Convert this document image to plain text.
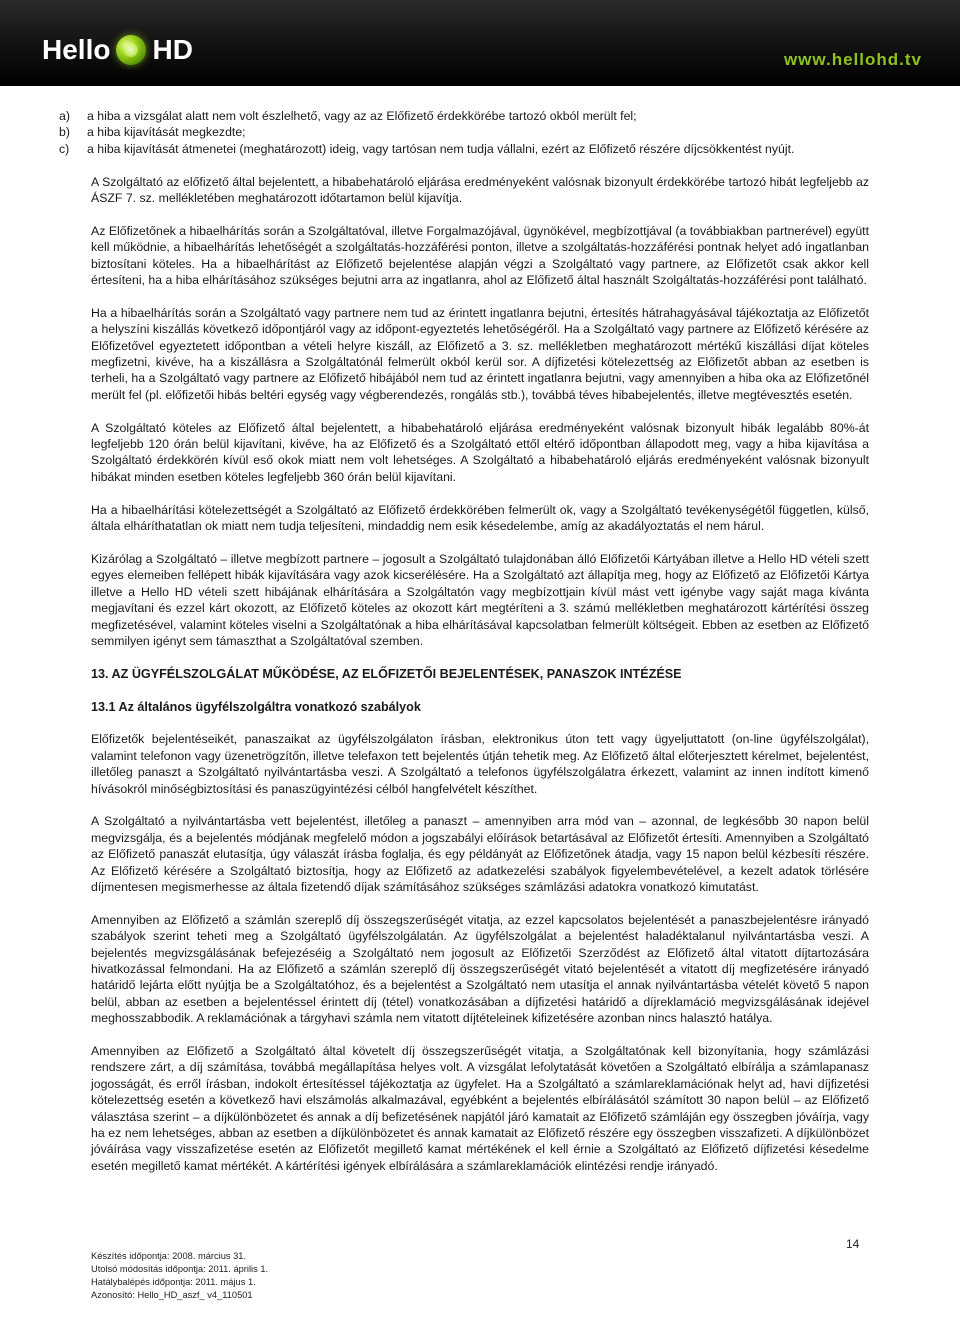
Hello HD	www.hellohd.tv
a)	a hiba a vizsgálat alatt nem volt észlelhető, vagy az az Előfizető érdekkörébe tartozó okból merült fel;
b)	a hiba kijavítását megkezdte;
c)	a hiba kijavítását átmenetei (meghatározott) ideig, vagy tartósan nem tudja vállalni, ezért az Előfizető részére díjcsökkentést nyújt.

A Szolgáltató az előfizető által bejelentett, a hibabehatároló eljárása eredményeként valósnak bizonyult érdekkörébe tartozó hibát legfeljebb az ÁSZF 7. sz. mellékletében meghatározott időtartamon belül kijavítja.

Az Előfizetőnek a hibaelhárítás során a Szolgáltatóval, illetve Forgalmazójával, ügynökével, megbízottjával (a továbbiakban partnerével) együtt kell működnie, a hibaelhárítás lehetőségét a szolgáltatás-hozzáférési ponton, illetve a szolgáltatás-hozzáférési pontnak helyet adó ingatlanban biztosítani köteles. Ha a hibaelhárítást az Előfizető bejelentése alapján végzi a Szolgáltató vagy partnere, az Előfizetőt csak akkor kell értesíteni, ha a hiba elhárításához szükséges bejutni arra az ingatlanra, ahol az Előfizető által használt Szolgáltatás-hozzáférési pont található.

Ha a hibaelhárítás során a Szolgáltató vagy partnere nem tud az érintett ingatlanra bejutni, értesítés hátrahagyásával tájékoztatja az Előfizetőt a helyszíni kiszállás következő időpontjáról vagy az időpont-egyeztetés lehetőségéről. Ha a Szolgáltató vagy partnere az Előfizető kérésére az Előfizetővel egyeztetett időpontban a vételi helyre kiszáll, az Előfizető a 3. sz. mellékletben meghatározott mértékű kiszállási díjat köteles megfizetni, kivéve, ha a kiszállásra a Szolgáltatónál felmerült okból kerül sor. A díjfizetési kötelezettség az Előfizetőt abban az esetben is terheli, ha a Szolgáltató vagy partnere az Előfizető hibájából nem tud az érintett ingatlanra bejutni, vagy amennyiben a hiba oka az Előfizetőnél merült fel (pl. előfizetői hibás beltéri egység vagy végberendezés, rongálás stb.), továbbá téves hibabejelentés, illetve megtévesztés esetén.

A Szolgáltató köteles az Előfizető által bejelentett, a hibabehatároló eljárása eredményeként valósnak bizonyult hibák legalább 80%-át legfeljebb 120 órán belül kijavítani, kivéve, ha az Előfizető és a Szolgáltató ettől eltérő időpontban állapodott meg, vagy a hiba kijavítása a Szolgáltató érdekkörén kívül eső okok miatt nem volt lehetséges. A Szolgáltató a hibabehatároló eljárás eredményeként valósnak bizonyult hibákat minden esetben köteles legfeljebb 360 órán belül kijavítani.

Ha a hibaelhárítási kötelezettségét a Szolgáltató az Előfizető érdekkörében felmerült ok, vagy a Szolgáltató tevékenységétől független, külső, általa elháríthatatlan ok miatt nem tudja teljesíteni, mindaddig nem esik késedelembe, amíg az akadályoztatás el nem hárul.

Kizárólag a Szolgáltató – illetve megbízott partnere – jogosult a Szolgáltató tulajdonában álló Előfizetői Kártyában illetve a Hello HD vételi szett egyes elemeiben fellépett hibák kijavítására vagy azok kicserélésére. Ha a Szolgáltató azt állapítja meg, hogy az Előfizető az Előfizetői Kártya illetve a Hello HD vételi szett hibájának elhárítására a Szolgáltatón vagy megbízottjain kívül mást vett igénybe vagy saját maga kívánta megjavítani és ezzel kárt okozott, az Előfizető köteles az okozott kárt megtéríteni a 3. számú mellékletben meghatározott kártérítési összeg megfizetésével, valamint köteles viselni a Szolgáltatónak a hiba elhárításával kapcsolatban felmerült költségeit. Ebben az esetben az Előfizető semmilyen igényt sem támaszthat a Szolgáltatóval szemben.

13. AZ ÜGYFÉLSZOLGÁLAT MŰKÖDÉSE, AZ ELŐFIZETŐI BEJELENTÉSEK, PANASZOK INTÉZÉSE
13.1 Az általános ügyfélszolgáltra vonatkozó szabályok

Előfizetők bejelentéseikét, panaszaikat az ügyfélszolgálaton írásban, elektronikus úton tett vagy ügyeljuttatott (on-line ügyfélszolgálat), valamint telefonon vagy üzenetrögzítőn, illetve telefaxon tett bejelentés útján tehetik meg. Az Előfizető által előterjesztett kérelmet, bejelentést, illetőleg panaszt a Szolgáltató nyilvántartásba veszi. A Szolgáltató a telefonos ügyfélszolgálatra érkezett, valamint az innen indított kimenő hívásokról minőségbiztosítási és panaszügyintézési célból hangfelvételt készíthet.

A Szolgáltató a nyilvántartásba vett bejelentést, illetőleg a panaszt – amennyiben arra mód van – azonnal, de legkésőbb 30 napon belül megvizsgálja, és a bejelentés módjának megfelelő módon a jogszabályi előírások betartásával az Előfizetőt értesíti. Amennyiben a Szolgáltató az Előfizető panaszát elutasítja, úgy válaszát írásba foglalja, és egy példányát az Előfizetőnek átadja, vagy 15 napon belül kézbesíti részére. Az Előfizető kérésére a Szolgáltató biztosítja, hogy az Előfizető az adatkezelési szabályok figyelembevételével, a kezelt adatok törlésére díjmentesen megismerhesse az általa fizetendő díjak számításához szükséges számlázási adatokra vonatkozó kimutatást.

Amennyiben az Előfizető a számlán szereplő díj összegszerűségét vitatja, az ezzel kapcsolatos bejelentését a panaszbejelentésre irányadó szabályok szerint teheti meg a Szolgáltató ügyfélszolgálatán. Az ügyfélszolgálat a bejelentést haladéktalanul nyilvántartásba veszi. A bejelentés megvizsgálásának befejezéséig a Szolgáltató nem jogosult az Előfizetői Szerződést az Előfizető által vitatott díjtartozására hivatkozással felmondani. Ha az Előfizető a számlán szereplő díj összegszerűségét vitató bejelentését a vitatott díj megfizetésére irányadó határidő lejárta előtt nyújtja be a Szolgáltatóhoz, és a bejelentést a Szolgáltató nem utasítja el annak nyilvántartásba vételét követő 5 napon belül, abban az esetben a bejelentéssel érintett díj (tétel) vonatkozásában a díjfizetési határidő a díjreklamáció megvizsgálásának idejével meghosszabbodik. A reklamációnak a tárgyhavi számla nem vitatott díjtételeinek kifizetésére azonban nincs halasztó hatálya.

Amennyiben az Előfizető a Szolgáltató által követelt díj összegszerűségét vitatja, a Szolgáltatónak kell bizonyítania, hogy számlázási rendszere zárt, a díj számítása, továbbá megállapítása helyes volt. A vizsgálat lefolytatását követően a Szolgáltató elbírálja a számlapanasz jogosságát, és erről írásban, indokolt értesítéssel tájékoztatja az ügyfelet. Ha a Szolgáltató a számlareklamációnak helyt ad, havi díjfizetési kötelezettség esetén a következő havi elszámolás alkalmazával, egyébként a bejelentés elbírálásától számított 30 napon belül – az Előfizető választása szerint – a díjkülönbözetet és annak a díj befizetésének napjától járó kamatait az Előfizető számláján egy összegben jóváírja, vagy ha ez nem lehetséges, abban az esetben a díjkülönbözetet és annak kamatait az Előfizető részére egy összegben visszafizeti. A díjkülönbözet jóváírása vagy visszafizetése esetén az Előfizetőt megillető kamat mértékének el kell érnie a Szolgáltató az Előfizető díjfizetési késedelme esetén megillető kamat mértékét. A kártérítési igények elbírálására a számlareklamációk elintézési rendje irányadó.

14
Készítés időpontja: 2008. március 31.
Utolsó módosítás időpontja: 2011. április 1.
Hatálybalépés időpontja: 2011. május 1.
Azonosító: Hello_HD_aszf_ v4_110501
